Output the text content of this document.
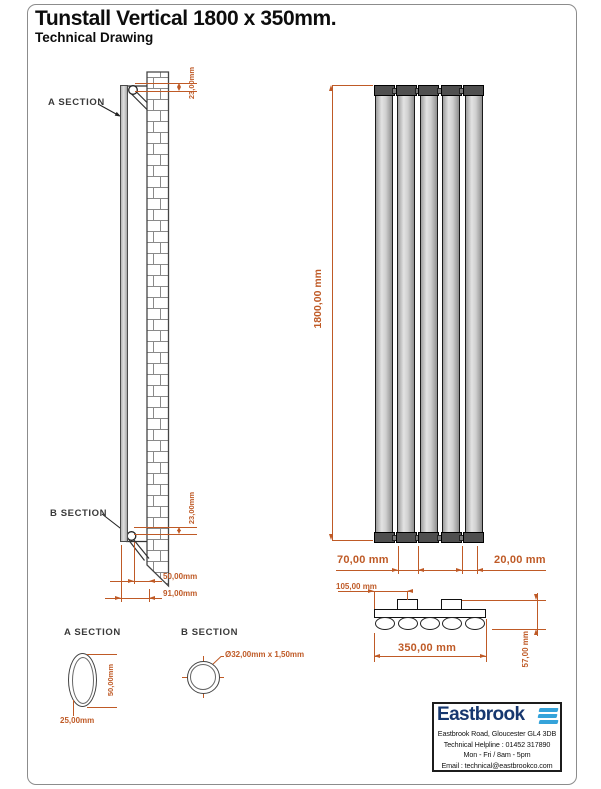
Tunstall Vertical 1800 x 350mm.
Technical Drawing
A SECTION
B SECTION
23,00mm
23,00mm
50,00mm
91,00mm
1800,00 mm
70,00 mm	20,00 mm
105,00 mm
350,00 mm	57,00 mm
A SECTION
50,00mm
25,00mm
B SECTION
Ø32,00mm x 1,50mm
Eastbrook
Eastbrook Road, Gloucester GL4 3DB
Technical Helpline : 01452 317890
Mon - Fri / 8am - 5pm
Email : technical@eastbrookco.com
